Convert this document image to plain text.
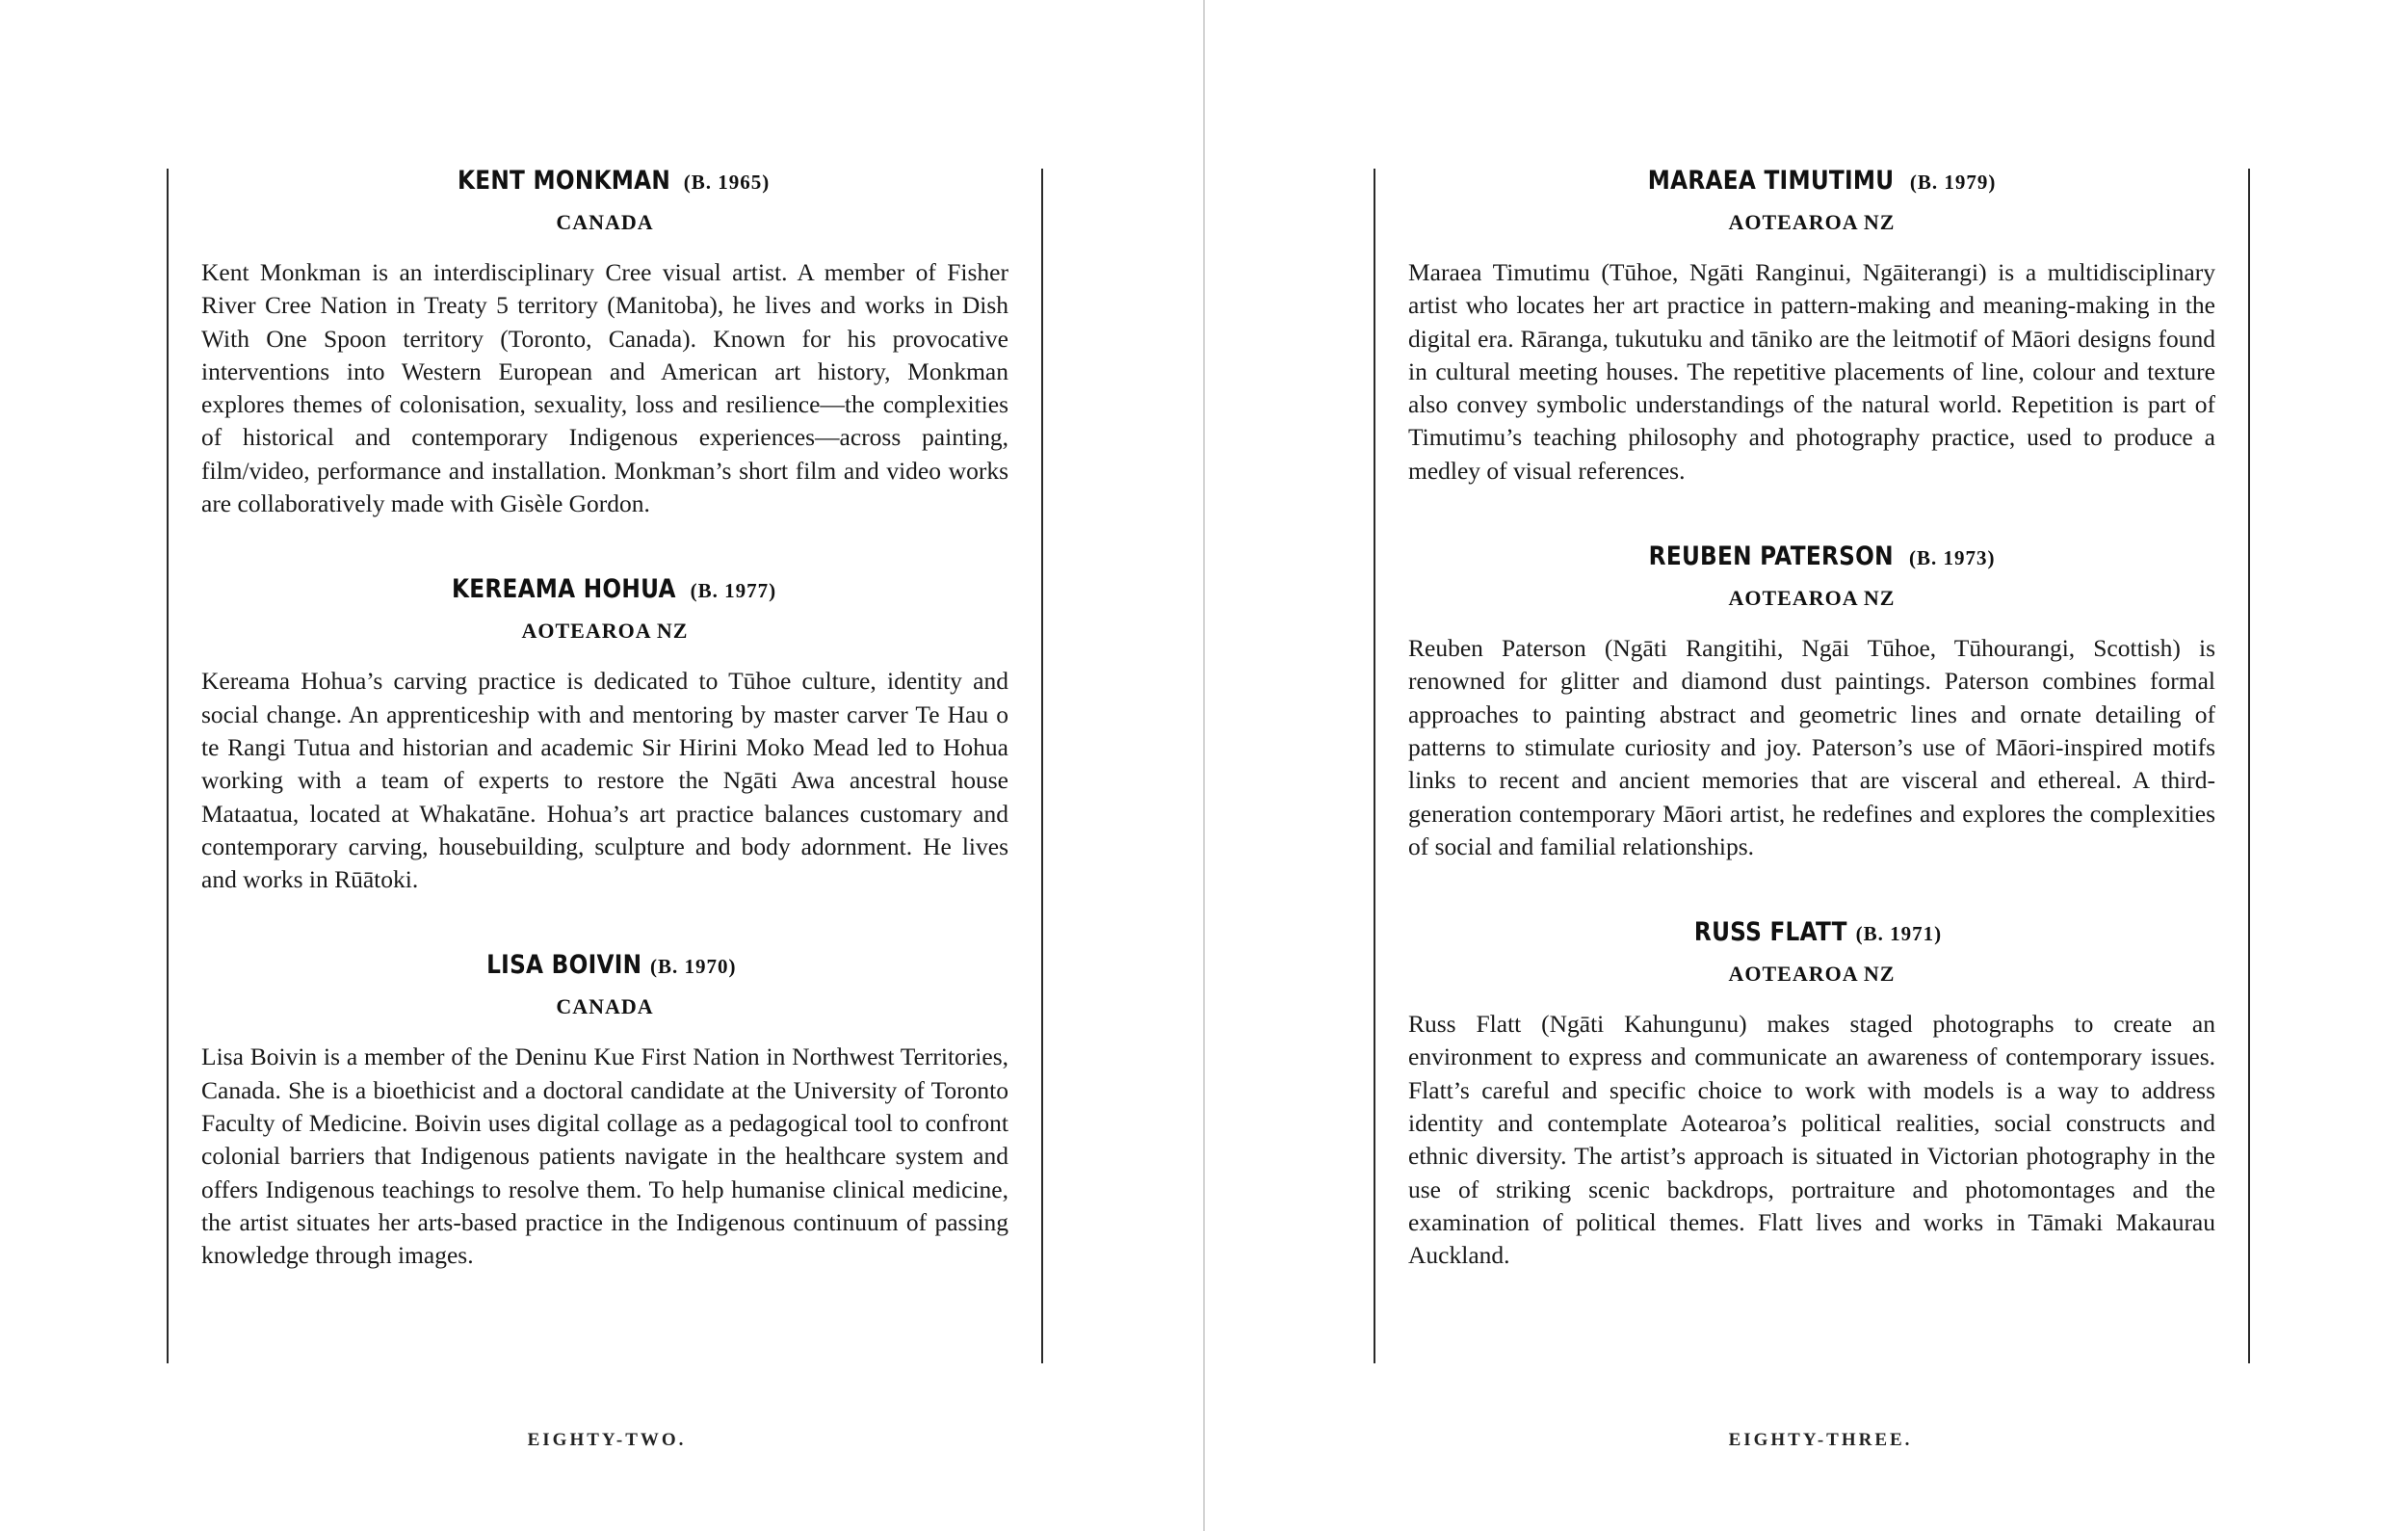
KENT MONKMAN (B. 1965)
CANADA

Kent Monkman is an interdisciplinary Cree visual artist. A member of Fisher River Cree Nation in Treaty 5 territory (Manitoba), he lives and works in Dish With One Spoon territory (Toronto, Canada). Known for his provocative interventions into Western European and American art history, Monkman explores themes of colonisation, sexuality, loss and resilience—the complexities of historical and contemporary Indigenous experiences—across painting, film/video, performance and installation. Monkman’s short film and video works are collaboratively made with Gisèle Gordon.

KEREAMA HOHUA (B. 1977)
AOTEAROA NZ

Kereama Hohua’s carving practice is dedicated to Tūhoe culture, identity and social change. An apprenticeship with and mentoring by master carver Te Hau o te Rangi Tutua and historian and academic Sir Hirini Moko Mead led to Hohua working with a team of experts to restore the Ngāti Awa ancestral house Mataatua, located at Whakatāne. Hohua’s art practice balances customary and contemporary carving, housebuilding, sculpture and body adornment. He lives and works in Rūātoki.

LISA BOIVIN (B. 1970)
CANADA

Lisa Boivin is a member of the Deninu Kue First Nation in Northwest Territories, Canada. She is a bioethicist and a doctoral candidate at the University of Toronto Faculty of Medicine. Boivin uses digital collage as a pedagogical tool to confront colonial barriers that Indigenous patients navigate in the healthcare system and offers Indigenous teachings to resolve them. To help humanise clinical medicine, the artist situates her arts-based practice in the Indigenous continuum of passing knowledge through images.

EIGHTY-TWO.
MARAEA TIMUTIMU (B. 1979)
AOTEAROA NZ

Maraea Timutimu (Tūhoe, Ngāti Ranginui, Ngāiterangi) is a multidisciplinary artist who locates her art practice in pattern-making and meaning-making in the digital era. Rāranga, tukutuku and tāniko are the leitmotif of Māori designs found in cultural meeting houses. The repetitive placements of line, colour and texture also convey symbolic understandings of the natural world. Repetition is part of Timutimu’s teaching philosophy and photography practice, used to produce a medley of visual references.

REUBEN PATERSON (B. 1973)
AOTEAROA NZ

Reuben Paterson (Ngāti Rangitihi, Ngāi Tūhoe, Tūhourangi, Scottish) is renowned for glitter and diamond dust paintings. Paterson combines formal approaches to painting abstract and geometric lines and ornate detailing of patterns to stimulate curiosity and joy. Paterson’s use of Māori-inspired motifs links to recent and ancient memories that are visceral and ethereal. A third-generation contemporary Māori artist, he redefines and explores the complexities of social and familial relationships.

RUSS FLATT (B. 1971)
AOTEAROA NZ

Russ Flatt (Ngāti Kahungunu) makes staged photographs to create an environment to express and communicate an awareness of contemporary issues. Flatt’s careful and specific choice to work with models is a way to address identity and contemplate Aotearoa’s political realities, social constructs and ethnic diversity. The artist’s approach is situated in Victorian photography in the use of striking scenic backdrops, portraiture and photomontages and the examination of political themes. Flatt lives and works in Tāmaki Makaurau Auckland.

EIGHTY-THREE.
